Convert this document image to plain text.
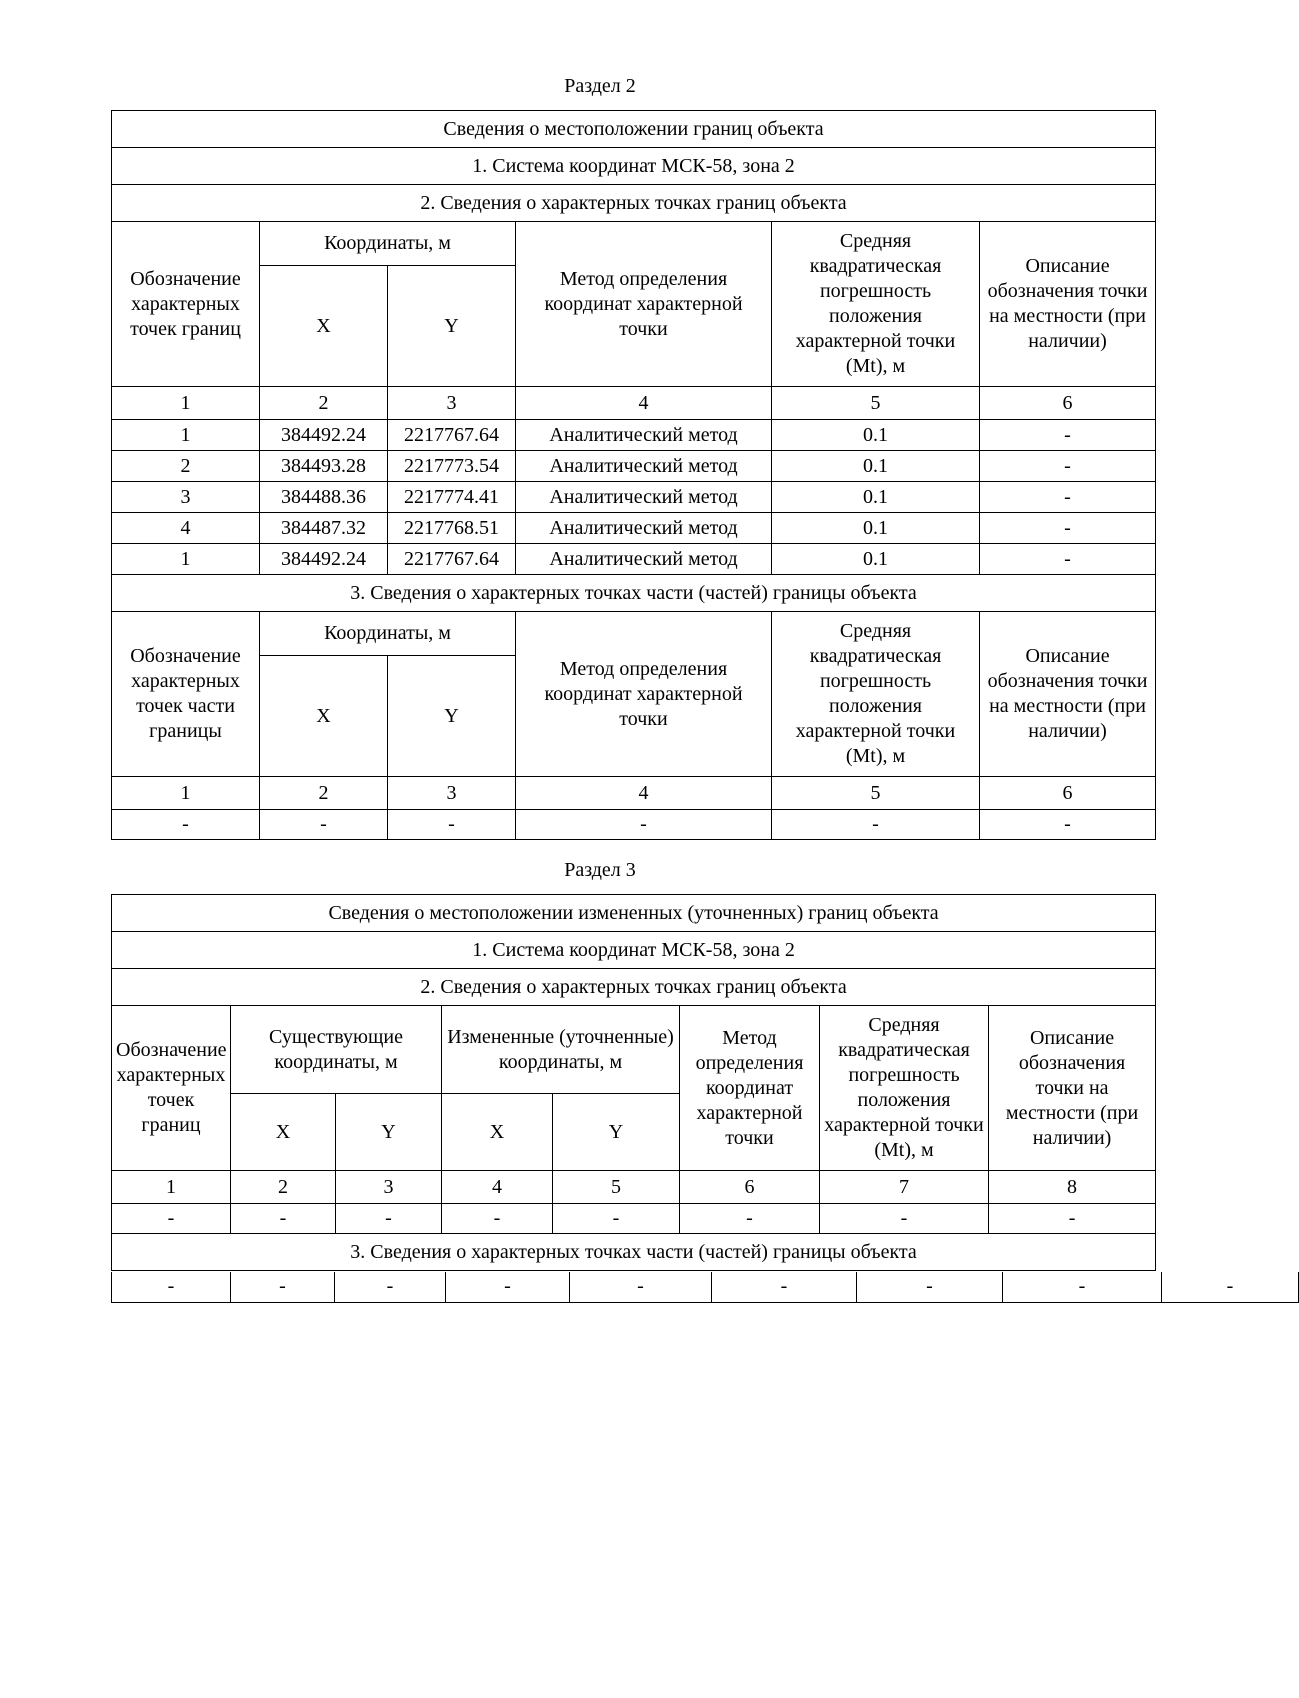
Раздел 2
Сведения о местоположении границ объекта					
1. Система координат МСК-58, зона 2					
2. Сведения о характерных точках границ объекта					
Обозначение характерных точек границ	Координаты, м		Метод определения координат характерной точки	Средняя квадратическая погрешность положения характерной точки (Mt), м	Описание обозначения точки на местности (при наличии)
	X	Y			
1	2	3	4	5	6
1	384492.24	2217767.64	Аналитический метод	0.1	-
2	384493.28	2217773.54	Аналитический метод	0.1	-
3	384488.36	2217774.41	Аналитический метод	0.1	-
4	384487.32	2217768.51	Аналитический метод	0.1	-
1	384492.24	2217767.64	Аналитический метод	0.1	-
3. Сведения о характерных точках части (частей) границы объекта					
Обозначение характерных точек части границы	Координаты, м		Метод определения координат характерной точки	Средняя квадратическая погрешность положения характерной точки (Mt), м	Описание обозначения точки на местности (при наличии)
	X	Y			
1	2	3	4	5	6
-	-	-	-	-	-
Раздел 3
Сведения о местоположении измененных (уточненных) границ объекта							
1. Система координат МСК-58, зона 2							
2. Сведения о характерных точках границ объекта							
Обозначение характерных точек границ	Существующие координаты, м		Измененные (уточненные) координаты, м		Метод определения координат характерной точки	Средняя квадратическая погрешность положения характерной точки (Mt), м	Описание обозначения точки на местности (при наличии)
	X	Y	X	Y			
1	2	3	4	5	6	7	8
-	-	-	-	-	-	-	-
3. Сведения о характерных точках части (частей) границы объекта							
-	-	-	-	-	-	-	-	-
